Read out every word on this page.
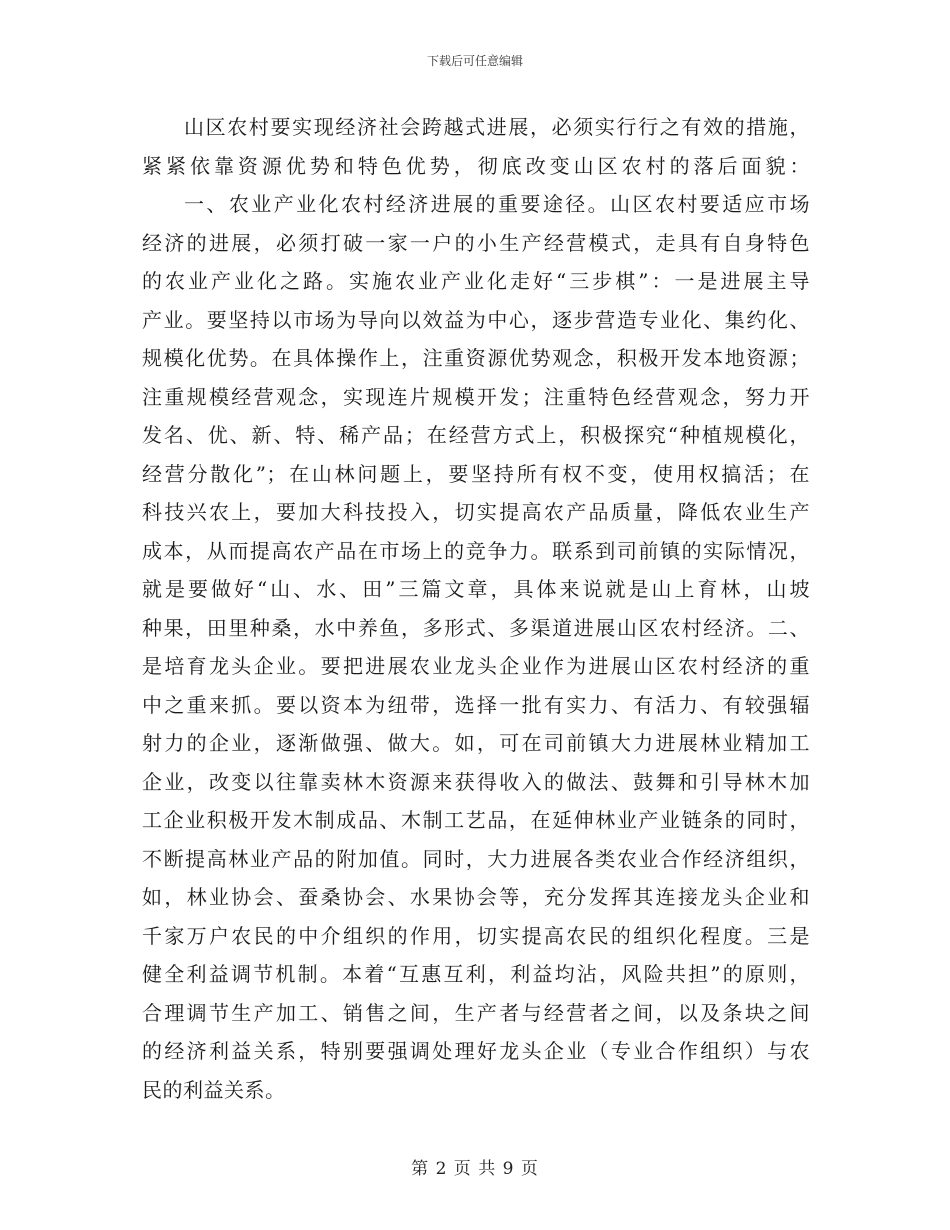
下载后可任意编辑
山区农村要实现经济社会跨越式进展，必须实行行之有效的措施，
紧紧依靠资源优势和特色优势，彻底改变山区农村的落后面貌：
一、农业产业化农村经济进展的重要途径。山区农村要适应市场
经济的进展，必须打破一家一户的小生产经营模式，走具有自身特色
的农业产业化之路。实施农业产业化走好“三步棋”：一是进展主导
产业。要坚持以市场为导向以效益为中心，逐步营造专业化、集约化、
规模化优势。在具体操作上，注重资源优势观念，积极开发本地资源；
注重规模经营观念，实现连片规模开发；注重特色经营观念，努力开
发名、优、新、特、稀产品；在经营方式上，积极探究“种植规模化，
经营分散化”；在山林问题上，要坚持所有权不变，使用权搞活；在
科技兴农上，要加大科技投入，切实提高农产品质量，降低农业生产
成本，从而提高农产品在市场上的竞争力。联系到司前镇的实际情况，
就是要做好“山、水、田”三篇文章，具体来说就是山上育林，山坡
种果，田里种桑，水中养鱼，多形式、多渠道进展山区农村经济。二、
是培育龙头企业。要把进展农业龙头企业作为进展山区农村经济的重
中之重来抓。要以资本为纽带，选择一批有实力、有活力、有较强辐
射力的企业，逐渐做强、做大。如，可在司前镇大力进展林业精加工
企业，改变以往靠卖林木资源来获得收入的做法、鼓舞和引导林木加
工企业积极开发木制成品、木制工艺品，在延伸林业产业链条的同时，
不断提高林业产品的附加值。同时，大力进展各类农业合作经济组织，
如，林业协会、蚕桑协会、水果协会等，充分发挥其连接龙头企业和
千家万户农民的中介组织的作用，切实提高农民的组织化程度。三是
健全利益调节机制。本着“互惠互利，利益均沾，风险共担”的原则，
合理调节生产加工、销售之间，生产者与经营者之间，以及条块之间
的经济利益关系，特别要强调处理好龙头企业（专业合作组织）与农
民的利益关系。
第 2 页 共 9 页
